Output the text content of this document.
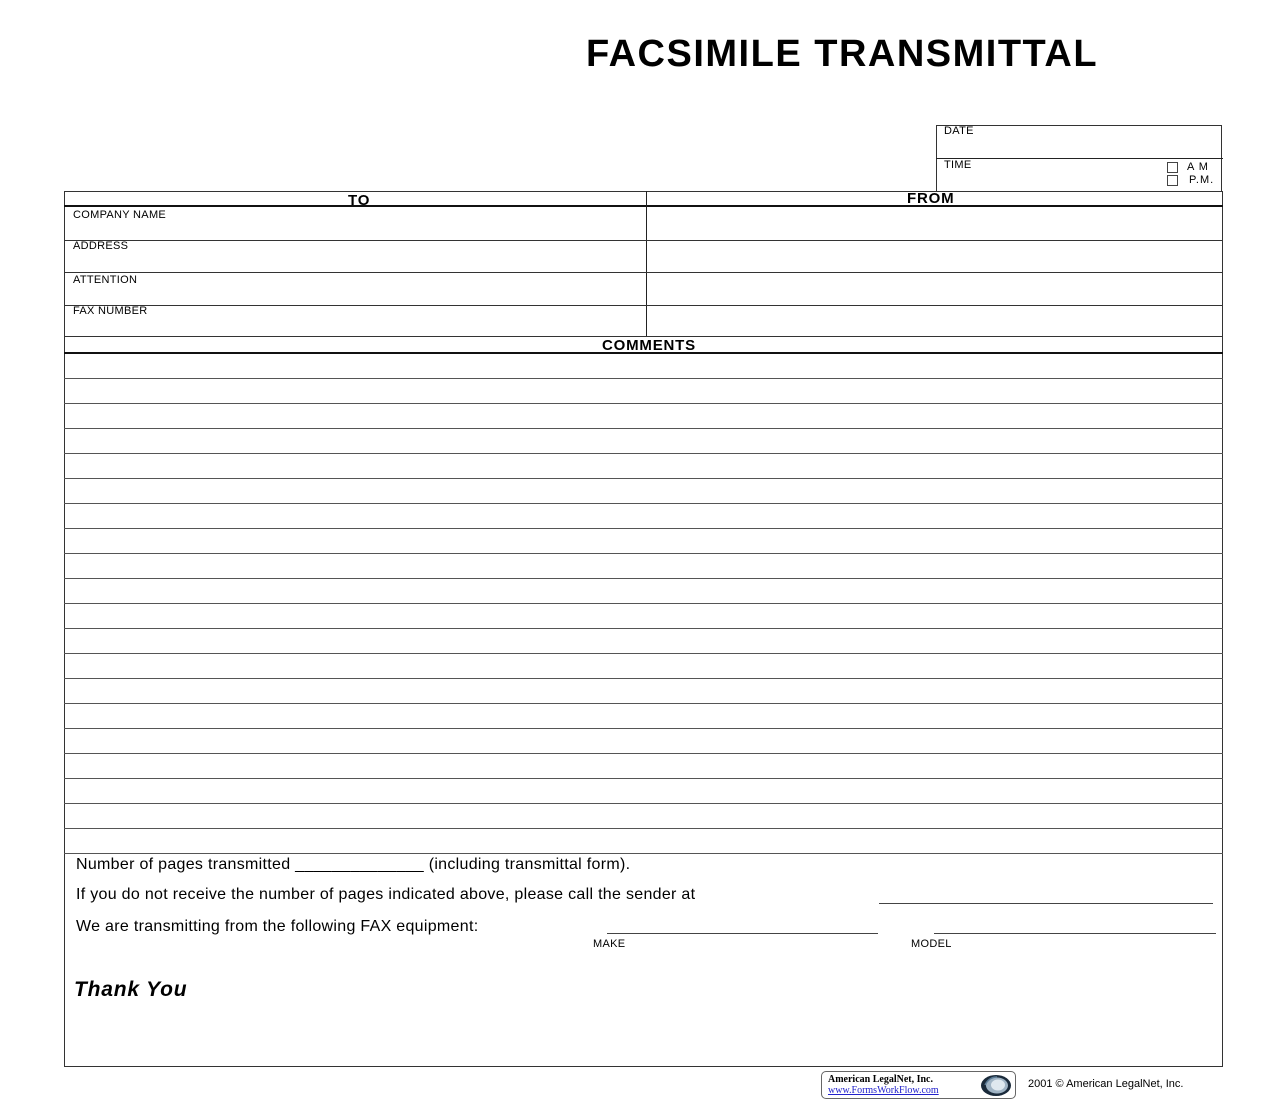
FACSIMILE TRANSMITTAL
DATE
TIME	A M
P.M.
TO	FROM
COMPANY NAME
ADDRESS
ATTENTION
FAX NUMBER
COMMENTS
Number of pages transmitted ______________ (including transmittal form).
If you do not receive the number of pages indicated above, please call the sender at
We are transmitting from the following FAX equipment:
MAKE	MODEL
Thank You
American LegalNet, Inc.
www.FormsWorkFlow.com
2001 © American LegalNet, Inc.
